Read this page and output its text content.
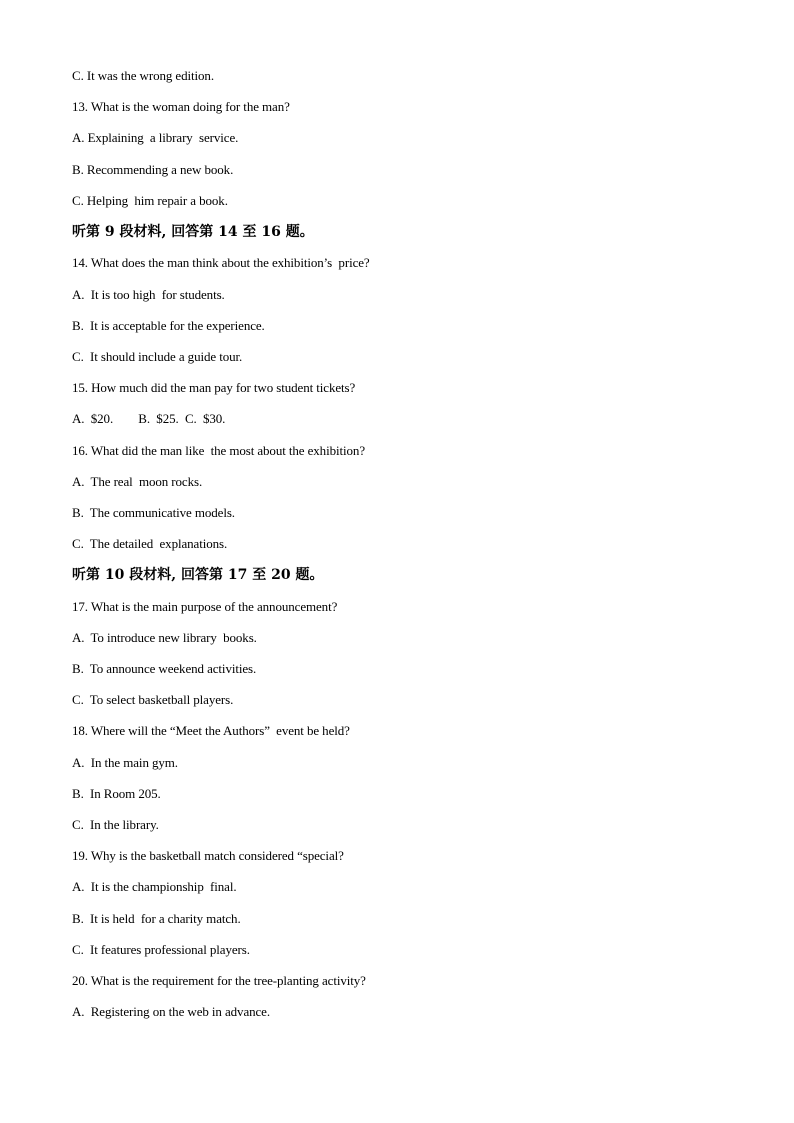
C. It was the wrong edition.
13. What is the woman doing for the man?
A. Explaining  a library  service.
B. Recommending a new book.
C. Helping  him repair a book.
听第 9 段材料, 回答第 14 至 16 题。
14. What does the man think about the exhibition’s  price?
A.  It is too high  for students.
B.  It is acceptable for the experience.
C.  It should include a guide tour.
15. How much did the man pay for two student tickets?
A.  $20.        B.  $25.  C.  $30.
16. What did the man like  the most about the exhibition?
A.  The real  moon rocks.
B.  The communicative models.
C.  The detailed  explanations.
听第 10 段材料, 回答第 17 至 20 题。
17. What is the main purpose of the announcement?
A.  To introduce new library  books.
B.  To announce weekend activities.
C.  To select basketball players.
18. Where will the “Meet the Authors”  event be held?
A.  In the main gym.
B.  In Room 205.
C.  In the library.
19. Why is the basketball match considered “special?
A.  It is the championship  final.
B.  It is held  for a charity match.
C.  It features professional players.
20. What is the requirement for the tree-planting activity?
A.  Registering on the web in advance.
